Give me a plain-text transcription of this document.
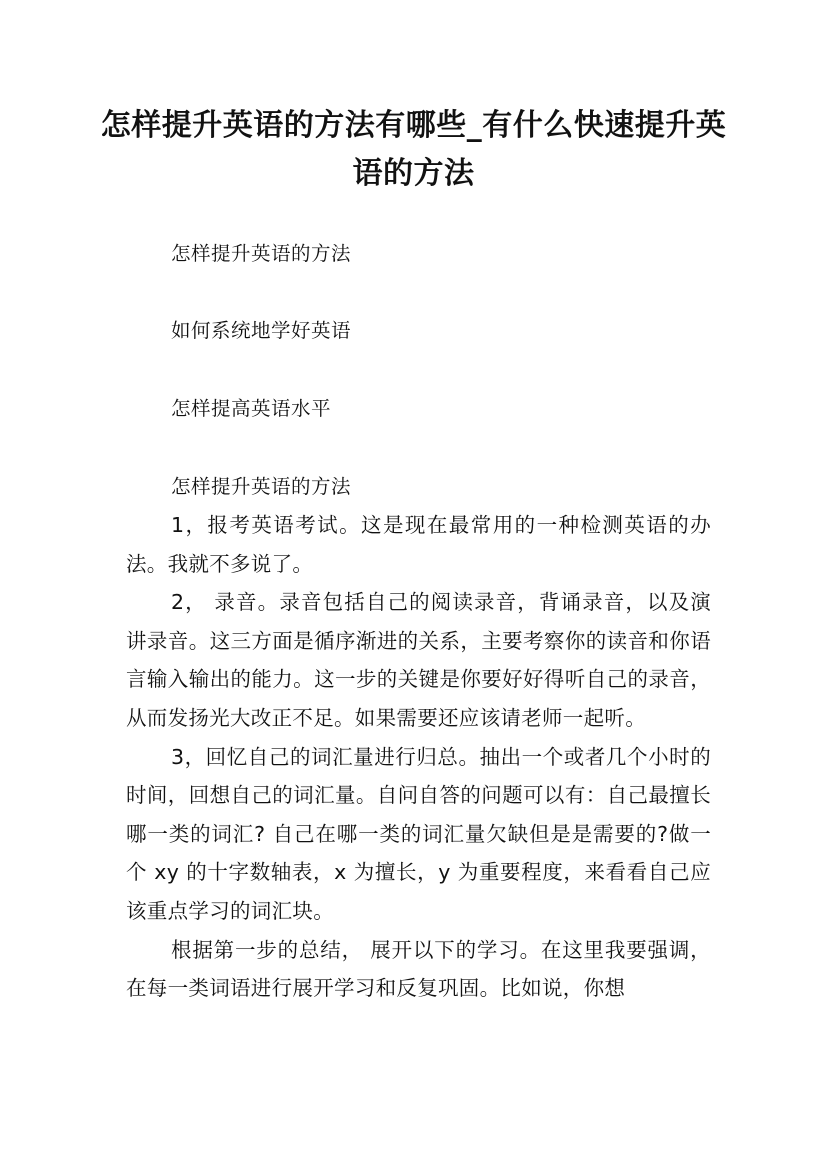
怎样提升英语的方法有哪些_有什么快速提升英语的方法

怎样提升英语的方法

如何系统地学好英语

怎样提高英语水平

怎样提升英语的方法

1，报考英语考试。这是现在最常用的一种检测英语的办法。我就不多说了。

2， 录音。录音包括自己的阅读录音，背诵录音，以及演讲录音。这三方面是循序渐进的关系，主要考察你的读音和你语言输入输出的能力。这一步的关键是你要好好得听自己的录音，从而发扬光大改正不足。如果需要还应该请老师一起听。

3，回忆自己的词汇量进行归总。抽出一个或者几个小时的时间，回想自己的词汇量。自问自答的问题可以有：自己最擅长哪一类的词汇? 自己在哪一类的词汇量欠缺但是是需要的?做一个 xy 的十字数轴表，x 为擅长，y 为重要程度，来看看自己应该重点学习的词汇块。

根据第一步的总结， 展开以下的学习。在这里我要强调，在每一类词语进行展开学习和反复巩固。比如说，你想
